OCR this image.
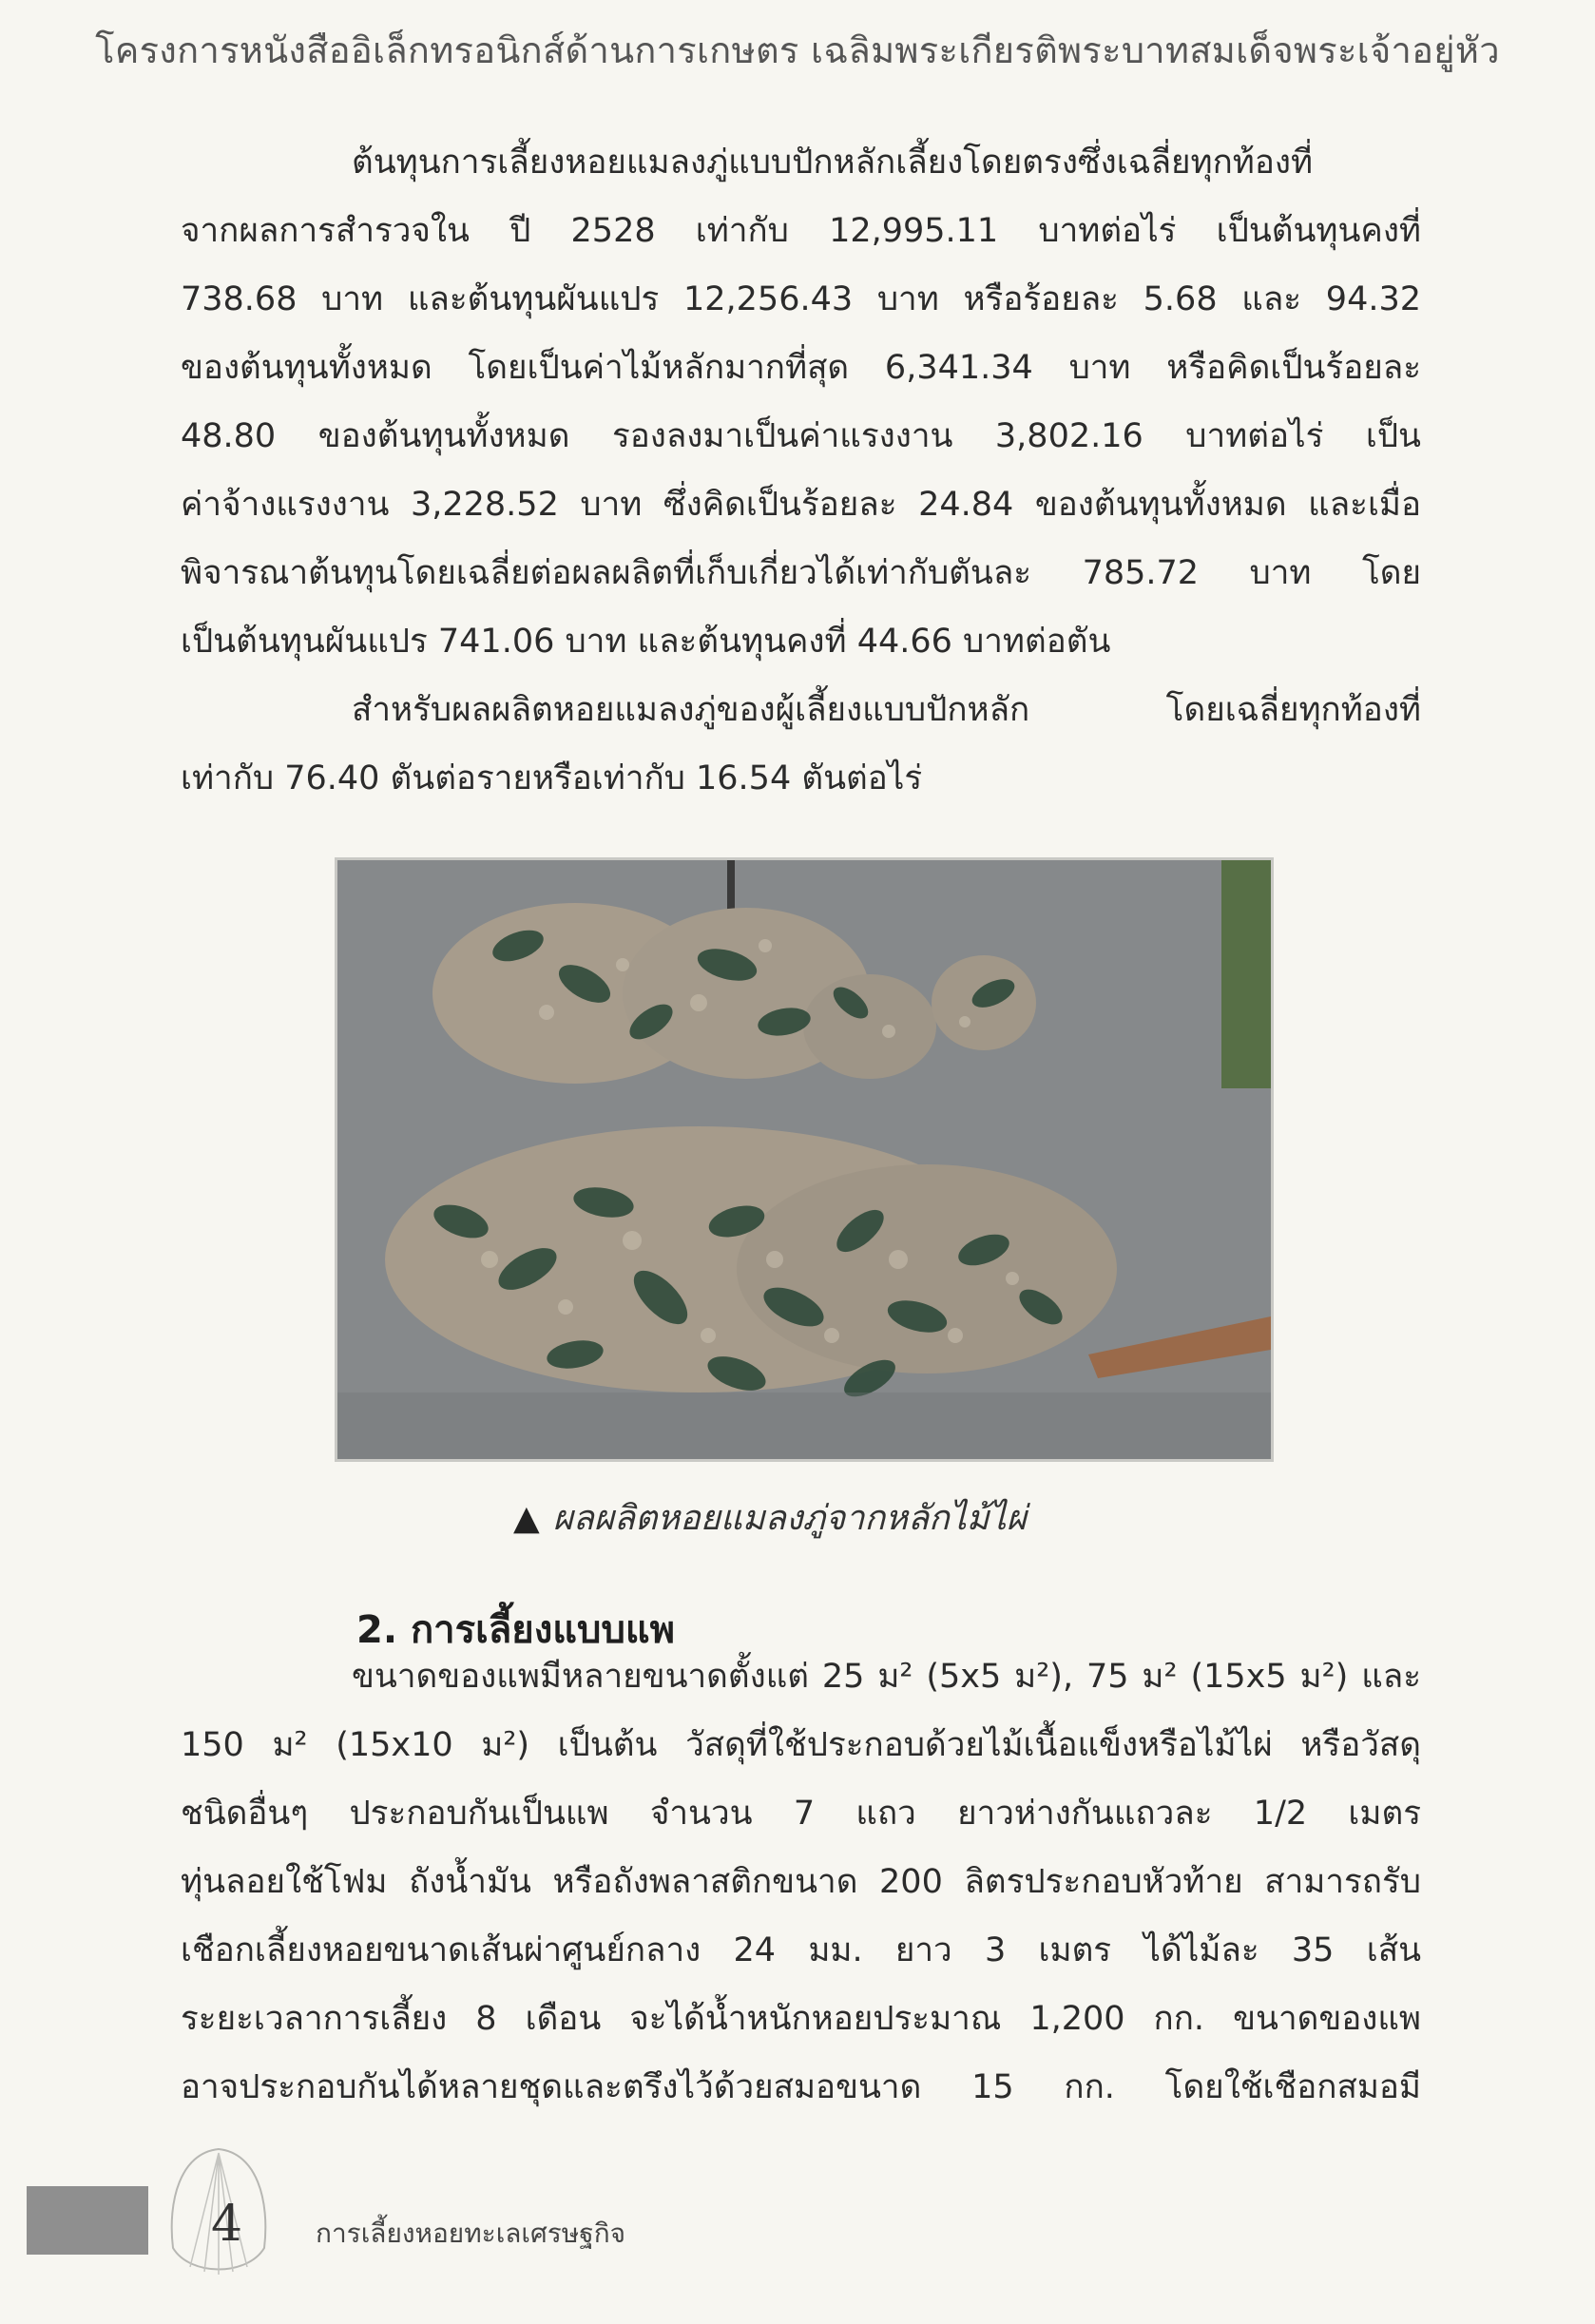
โครงการหนังสืออิเล็กทรอนิกส์ด้านการเกษตร เฉลิมพระเกียรติพระบาทสมเด็จพระเจ้าอยู่หัว
ต้นทุนการเลี้ยงหอยแมลงภู่แบบปักหลักเลี้ยงโดยตรงซึ่งเฉลี่ยทุกท้องที่
จากผลการสำรวจใน ปี 2528 เท่ากับ 12,995.11 บาทต่อไร่ เป็นต้นทุนคงที่
738.68 บาท และต้นทุนผันแปร 12,256.43 บาท หรือร้อยละ 5.68 และ 94.32
ของต้นทุนทั้งหมด โดยเป็นค่าไม้หลักมากที่สุด 6,341.34 บาท หรือคิดเป็นร้อยละ
48.80 ของต้นทุนทั้งหมด รองลงมาเป็นค่าแรงงาน 3,802.16 บาทต่อไร่ เป็น
ค่าจ้างแรงงาน 3,228.52 บาท ซึ่งคิดเป็นร้อยละ 24.84 ของต้นทุนทั้งหมด และเมื่อ
พิจารณาต้นทุนโดยเฉลี่ยต่อผลผลิตที่เก็บเกี่ยวได้เท่ากับตันละ 785.72 บาท โดย
เป็นต้นทุนผันแปร 741.06 บาท และต้นทุนคงที่ 44.66 บาทต่อตัน
สำหรับผลผลิตหอยแมลงภู่ของผู้เลี้ยงแบบปักหลัก โดยเฉลี่ยทุกท้องที่
เท่ากับ 76.40 ตันต่อรายหรือเท่ากับ 16.54 ตันต่อไร่
▲ ผลผลิตหอยแมลงภู่จากหลักไม้ไผ่
2. การเลี้ยงแบบแพ
ขนาดของแพมีหลายขนาดตั้งแต่ 25 ม² (5x5 ม²), 75 ม² (15x5 ม²) และ
150 ม² (15x10 ม²) เป็นต้น วัสดุที่ใช้ประกอบด้วยไม้เนื้อแข็งหรือไม้ไผ่ หรือวัสดุ
ชนิดอื่นๆ ประกอบกันเป็นแพ จำนวน 7 แถว ยาวห่างกันแถวละ 1/2 เมตร
ทุ่นลอยใช้โฟม ถังน้ำมัน หรือถังพลาสติกขนาด 200 ลิตรประกอบหัวท้าย สามารถรับ
เชือกเลี้ยงหอยขนาดเส้นผ่าศูนย์กลาง 24 มม. ยาว 3 เมตร ได้ไม้ละ 35 เส้น
ระยะเวลาการเลี้ยง 8 เดือน จะได้น้ำหนักหอยประมาณ 1,200 กก. ขนาดของแพ
อาจประกอบกันได้หลายชุดและตรึงไว้ด้วยสมอขนาด 15 กก. โดยใช้เชือกสมอมี
4	การเลี้ยงหอยทะเลเศรษฐกิจ
